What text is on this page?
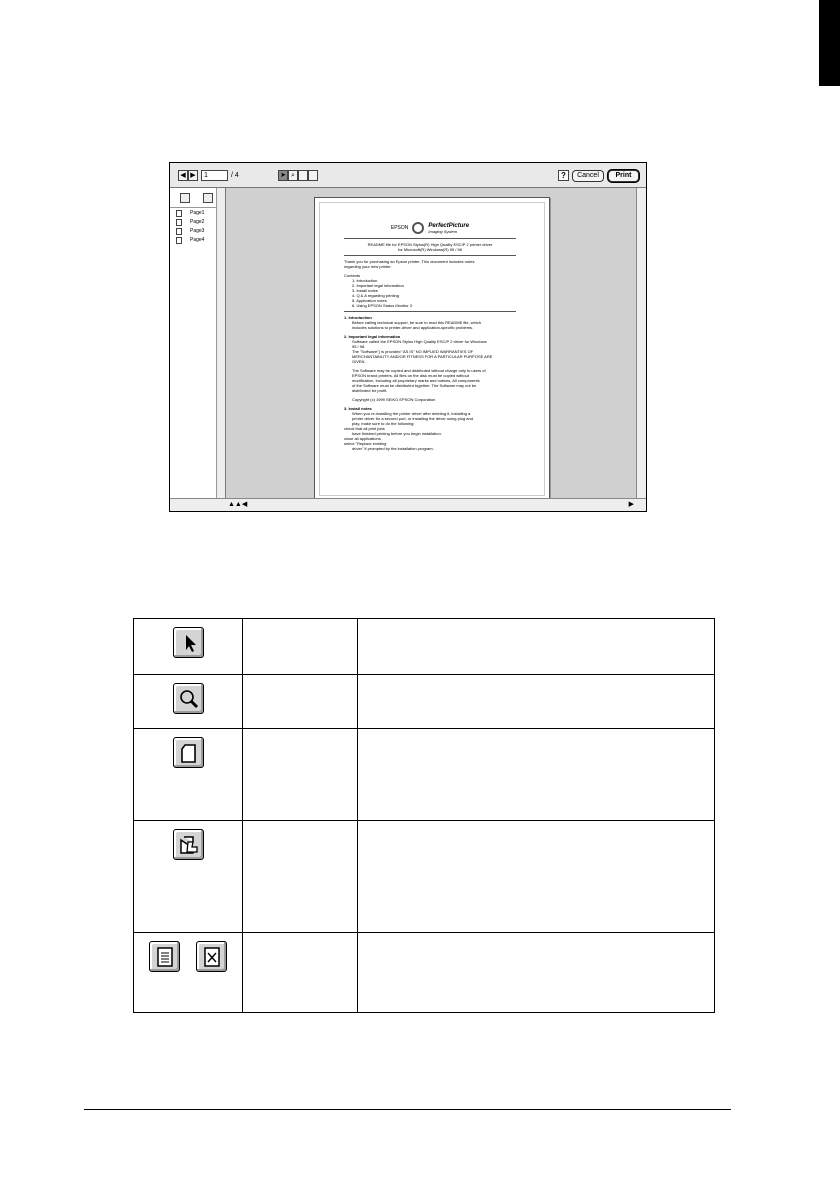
◀ ▶	1	/ 4	➤ ⌕	?	Cancel	Print
Page1
Page2
Page3
Page4
EPSON	PerfectPicture
Imaging System
README file for EPSON Stylus(R) High Quality ESC/P 2 printer driver
for Microsoft(R) Windows(R) 95 / 98
Thank you for purchasing an Epson printer. This document includes notes
regarding your new printer.
Contents
1. Introduction
2. Important legal information
3. Install notes
4. Q & A regarding printing
5. Application notes
6. Using EPSON Status Monitor 3
1. Introduction
Before calling technical support, be sure to read this README file, which
includes solutions to printer-driver and application-specific problems.
2. Important legal information
Software called the EPSON Stylus High Quality ESC/P 2 driver for Windows
95 / 98.
The "Software") is provided "AS IS" NO IMPLIED WARRANTIES OF
MERCHANTABILITY AND/OR FITNESS FOR A PARTICULAR PURPOSE ARE
GIVEN.
The Software may be copied and distributed without charge only to users of
EPSON brand printers. All files on the disk must be copied without
modification, including all proprietary marks and notices. All components
of the Software must be distributed together. The Software may not be
distributed for profit.
Copyright (c) 1999 SEIKO EPSON Corporation
3. Install notes
When you re-installing the printer driver after deleting it, installing a
printer driver for a second port, or installing the driver using plug and
play, make sure to do the following:
check that all print jobs
have finished printing before you begin installation.
close all applications
select "Replace existing
driver" if prompted by the installation program.
▲▲◀	▶
